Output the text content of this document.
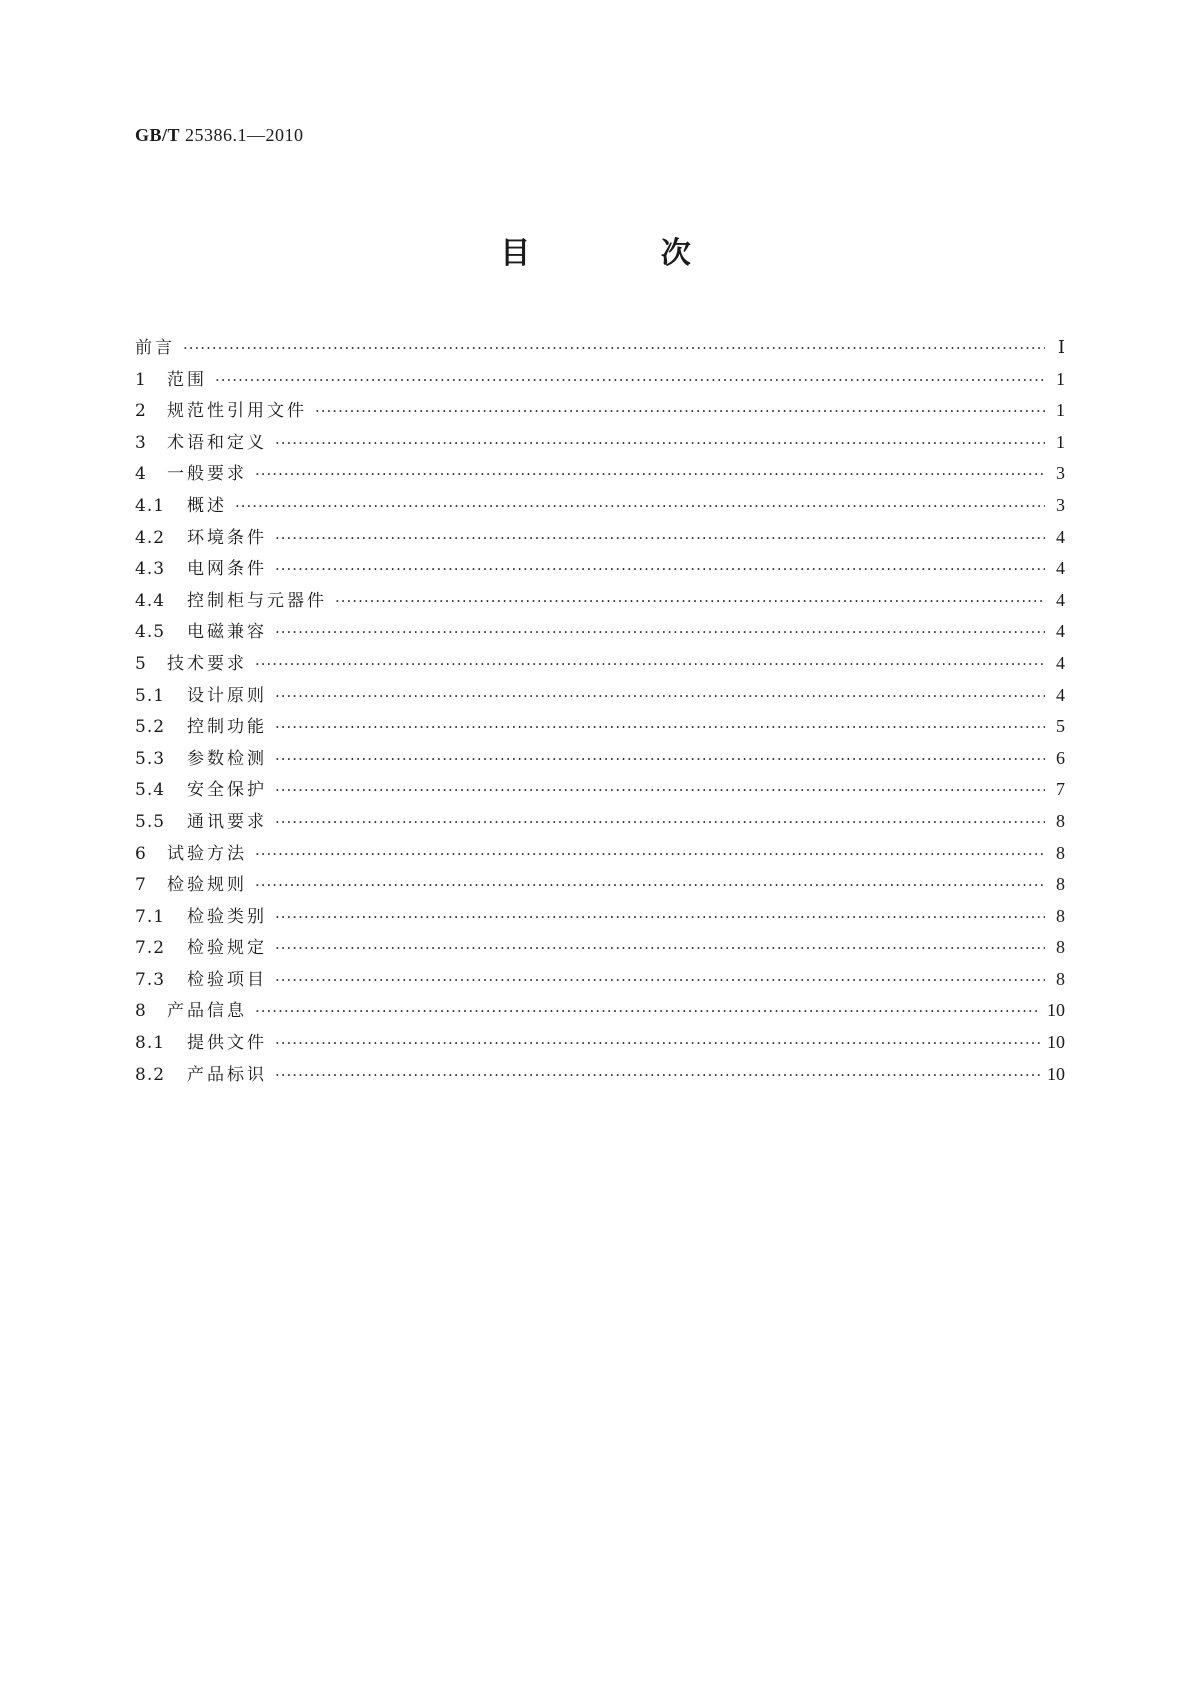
GB/T 25386.1—2010
目 次
前言 ·····	Ⅰ
1	范围 ·····	1
2	规范性引用文件 ·····	1
3	术语和定义 ·····	1
4	一般要求 ·····	3
4.1	概述 ·····	3
4.2	环境条件 ·····	4
4.3	电网条件 ·····	4
4.4	控制柜与元器件 ·····	4
4.5	电磁兼容 ·····	4
5	技术要求 ·····	4
5.1	设计原则 ·····	4
5.2	控制功能 ·····	5
5.3	参数检测 ·····	6
5.4	安全保护 ·····	7
5.5	通讯要求 ·····	8
6	试验方法 ·····	8
7	检验规则 ·····	8
7.1	检验类别 ·····	8
7.2	检验规定 ·····	8
7.3	检验项目 ·····	8
8	产品信息 ·····	10
8.1	提供文件 ·····	10
8.2	产品标识 ·····	10
